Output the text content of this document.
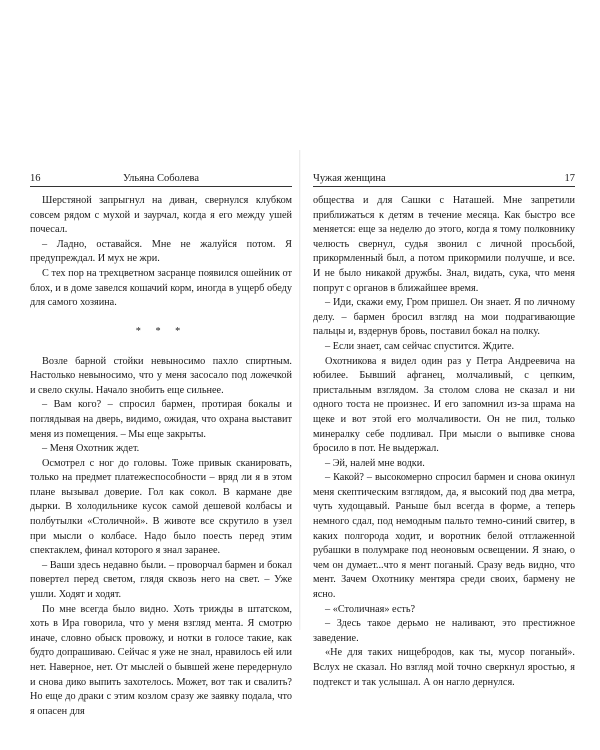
16	Ульяна Соболева

Шерстяной запрыгнул на диван, свернулся клубком совсем рядом с мухой и заурчал, когда я его между ушей почесал.

– Ладно, оставайся. Мне не жалуйся потом. Я предупреждал. И мух не жри.

С тех пор на трехцветном засранце появился ошейник от блох, и в доме завелся кошачий корм, иногда в ущерб обеду для самого хозяина.

* * *

Возле барной стойки невыносимо пахло спиртным. Настолько невыносимо, что у меня засосало под ложечкой и свело скулы. Начало знобить еще сильнее.

– Вам кого? – спросил бармен, протирая бокалы и поглядывая на дверь, видимо, ожидая, что охрана выставит меня из помещения. – Мы еще закрыты.

– Меня Охотник ждет.

Осмотрел с ног до головы. Тоже привык сканировать, только на предмет платежеспособности – вряд ли я в этом плане вызывал доверие. Гол как сокол. В кармане две дырки. В холодильнике кусок самой дешевой колбасы и полбутылки «Столичной». В животе все скрутило в узел при мысли о колбасе. Надо было поесть перед этим спектаклем, финал которого я знал заранее.

– Ваши здесь недавно были. – проворчал бармен и бокал повертел перед светом, глядя сквозь него на свет. – Уже ушли. Ходят и ходят.

По мне всегда было видно. Хоть трижды в штатском, хоть в Ира говорила, что у меня взгляд мента. Я смотрю иначе, словно обыск провожу, и нотки в голосе такие, как будто допрашиваю. Сейчас я уже не знал, нравилось ей или нет. Наверное, нет. От мыслей о бывшей жене передернуло и снова дико выпить захотелось. Может, вот так и свалить? Но еще до драки с этим козлом сразу же заявку подала, что я опасен для

Чужая женщина	17

общества и для Сашки с Наташей. Мне запретили приближаться к детям в течение месяца. Как быстро все меняется: еще за неделю до этого, когда я тому полковнику челюсть свернул, судья звонил с личной просьбой, прикормленный был, а потом прикормили получше, и все. И не было никакой дружбы. Знал, видать, сука, что меня попрут с органов в ближайшее время.

– Иди, скажи ему, Гром пришел. Он знает. Я по личному делу. – бармен бросил взгляд на мои подрагивающие пальцы и, вздернув бровь, поставил бокал на полку.

– Если знает, сам сейчас спустится. Ждите.

Охотникова я видел один раз у Петра Андреевича на юбилее. Бывший афганец, молчаливый, с цепким, пристальным взглядом. За столом слова не сказал и ни одного тоста не произнес. И его запомнил из-за шрама на щеке и вот этой его молчаливости. Он не пил, только минералку себе подливал. При мысли о выпивке снова бросило в пот. Не выдержал.

– Эй, налей мне водки.

– Какой? – высокомерно спросил бармен и снова окинул меня скептическим взглядом, да, я высокий под два метра, чуть худощавый. Раньше был всегда в форме, а теперь немного сдал, под немодным пальто темно-синий свитер, в каких полгорода ходит, и воротник белой отглаженной рубашки в полумраке под неоновым освещении. Я знаю, о чем он думает...что я мент поганый. Сразу ведь видно, что мент. Зачем Охотнику ментяра среди своих, бармену не ясно.

– «Столичная» есть?

– Здесь такое дерьмо не наливают, это престижное заведение.

«Не для таких нищебродов, как ты, мусор поганый». Вслух не сказал. Но взгляд мой точно сверкнул яростью, я подтекст и так услышал. А он нагло дернулся.
